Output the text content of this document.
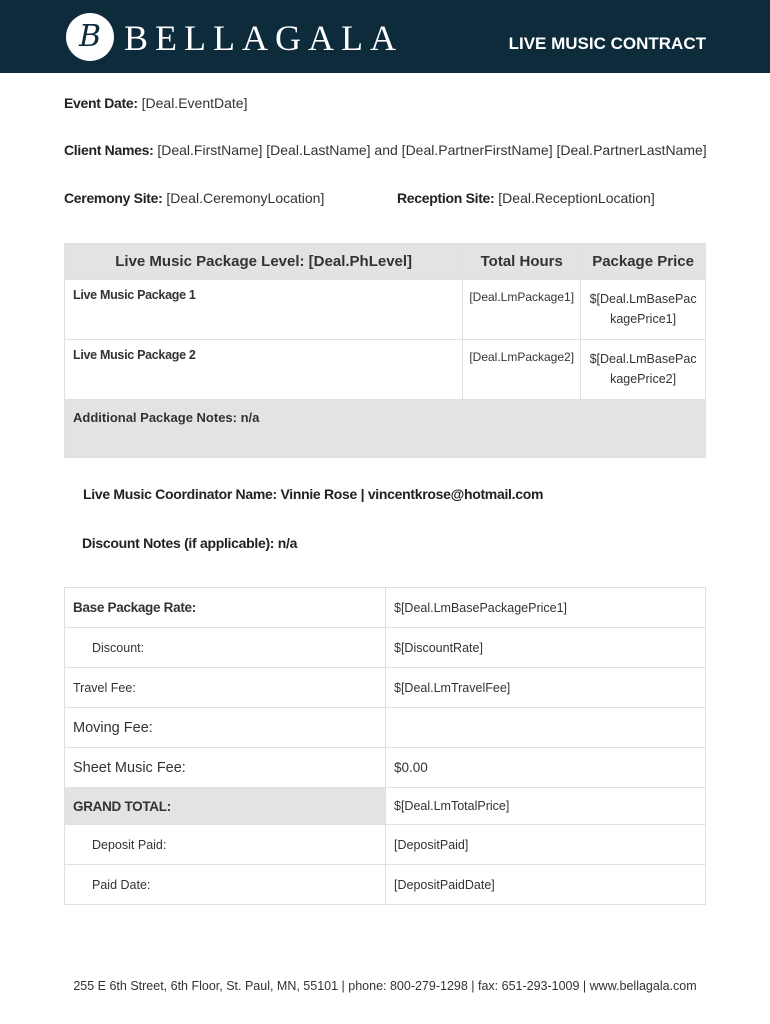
B BELLAGALA	LIVE MUSIC CONTRACT
Event Date: [Deal.EventDate]
Client Names: [Deal.FirstName] [Deal.LastName] and [Deal.PartnerFirstName] [Deal.PartnerLastName]
Ceremony Site: [Deal.CeremonyLocation]	Reception Site: [Deal.ReceptionLocation]
Live Music Package Level: [Deal.PhLevel]	Total Hours	Package Price
Live Music Package 1	[Deal.LmPackage1]	$[Deal.LmBasePackagePrice1]
Live Music Package 2	[Deal.LmPackage2]	$[Deal.LmBasePackagePrice2]
Additional Package Notes: n/a		
Live Music Coordinator Name: Vinnie Rose | vincentkrose@hotmail.com
Discount Notes (if applicable): n/a
Base Package Rate:	$[Deal.LmBasePackagePrice1]
Discount:	$[DiscountRate]
Travel Fee:	$[Deal.LmTravelFee]
Moving Fee:	
Sheet Music Fee:	$0.00
GRAND TOTAL:	$[Deal.LmTotalPrice]
Deposit Paid:	[DepositPaid]
Paid Date:	[DepositPaidDate]
255 E 6th Street, 6th Floor, St. Paul, MN, 55101 | phone: 800-279-1298 | fax: 651-293-1009 | www.bellagala.com
